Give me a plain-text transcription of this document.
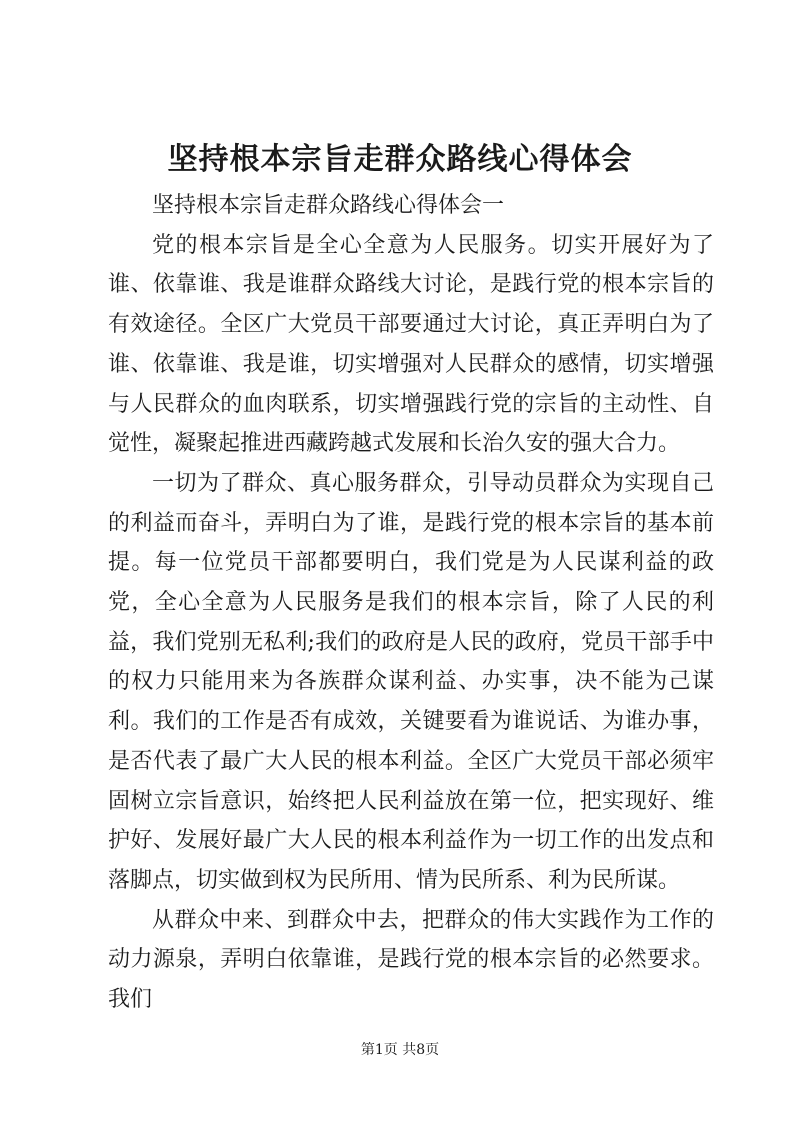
坚持根本宗旨走群众路线心得体会

坚持根本宗旨走群众路线心得体会一

党的根本宗旨是全心全意为人民服务。切实开展好为了谁、依靠谁、我是谁群众路线大讨论，是践行党的根本宗旨的有效途径。全区广大党员干部要通过大讨论，真正弄明白为了谁、依靠谁、我是谁，切实增强对人民群众的感情，切实增强与人民群众的血肉联系，切实增强践行党的宗旨的主动性、自觉性，凝聚起推进西藏跨越式发展和长治久安的强大合力。

一切为了群众、真心服务群众，引导动员群众为实现自己的利益而奋斗，弄明白为了谁，是践行党的根本宗旨的基本前提。每一位党员干部都要明白，我们党是为人民谋利益的政党，全心全意为人民服务是我们的根本宗旨，除了人民的利益，我们党别无私利;我们的政府是人民的政府，党员干部手中的权力只能用来为各族群众谋利益、办实事，决不能为己谋利。我们的工作是否有成效，关键要看为谁说话、为谁办事，是否代表了最广大人民的根本利益。全区广大党员干部必须牢固树立宗旨意识，始终把人民利益放在第一位，把实现好、维护好、发展好最广大人民的根本利益作为一切工作的出发点和落脚点，切实做到权为民所用、情为民所系、利为民所谋。

从群众中来、到群众中去，把群众的伟大实践作为工作的动力源泉，弄明白依靠谁，是践行党的根本宗旨的必然要求。我们

第1页 共8页
